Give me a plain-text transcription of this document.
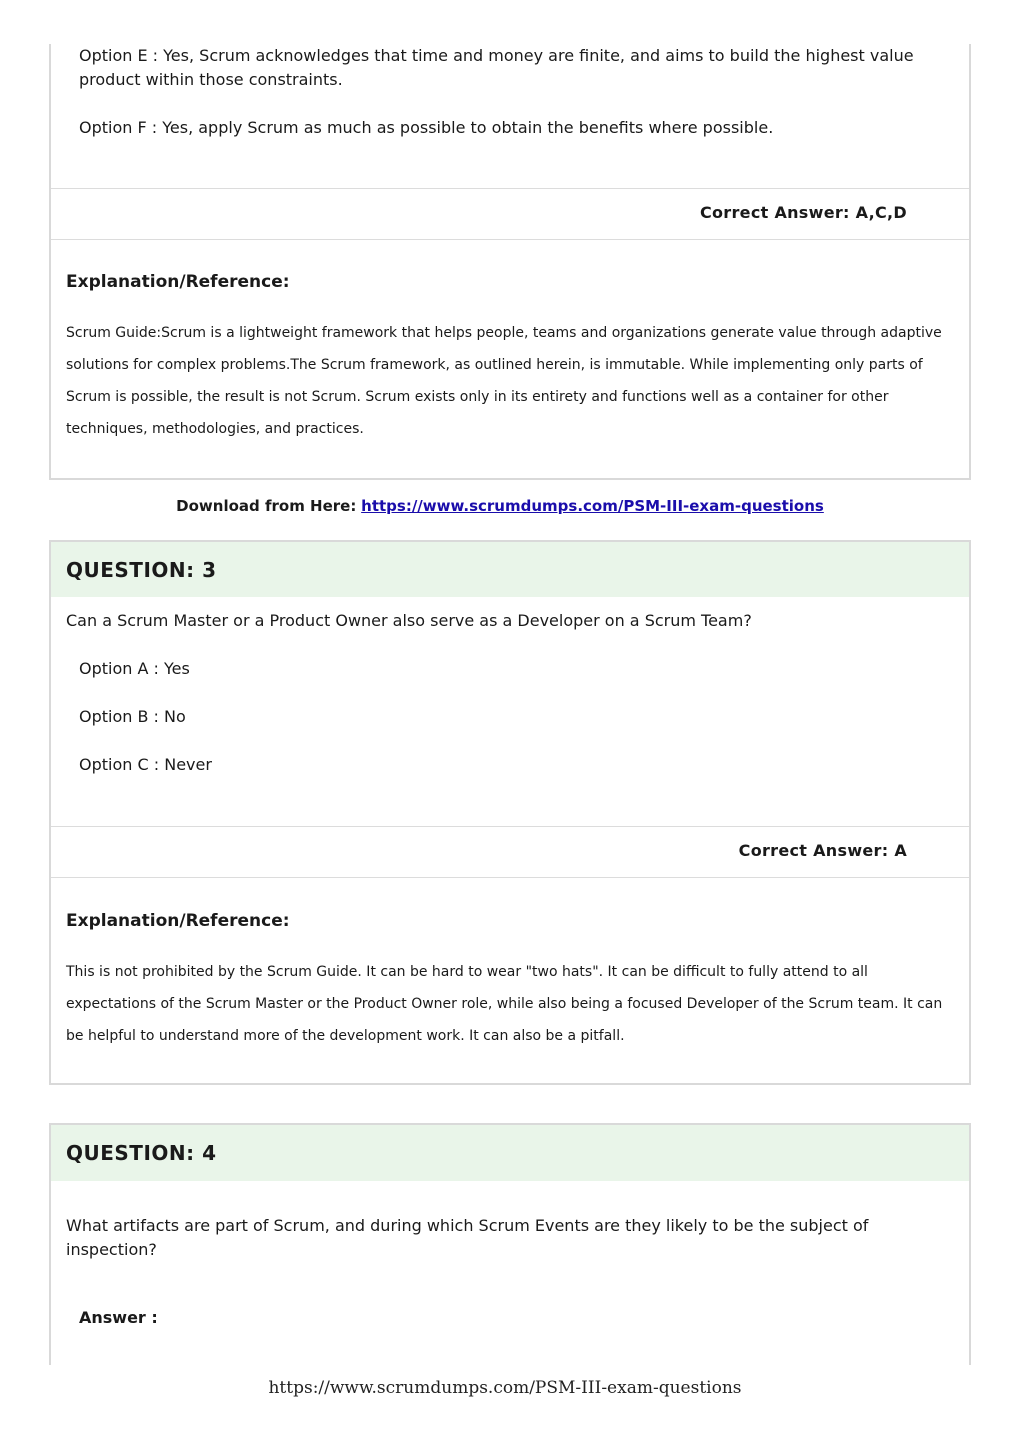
Option E : Yes, Scrum acknowledges that time and money are finite, and aims to build the highest value product within those constraints.
Option F : Yes, apply Scrum as much as possible to obtain the benefits where possible.
Correct Answer: A,C,D
Explanation/Reference:
Scrum Guide:Scrum is a lightweight framework that helps people, teams and organizations generate value through adaptive solutions for complex problems.The Scrum framework, as outlined herein, is immutable. While implementing only parts of Scrum is possible, the result is not Scrum. Scrum exists only in its entirety and functions well as a container for other techniques, methodologies, and practices.
Download from Here: https://www.scrumdumps.com/PSM-III-exam-questions
QUESTION: 3
Can a Scrum Master or a Product Owner also serve as a Developer on a Scrum Team?
Option A : Yes
Option B : No
Option C : Never
Correct Answer: A
Explanation/Reference:
This is not prohibited by the Scrum Guide. It can be hard to wear "two hats". It can be difficult to fully attend to all expectations of the Scrum Master or the Product Owner role, while also being a focused Developer of the Scrum team. It can be helpful to understand more of the development work. It can also be a pitfall.
QUESTION: 4
What artifacts are part of Scrum, and during which Scrum Events are they likely to be the subject of inspection?
Answer :
https://www.scrumdumps.com/PSM-III-exam-questions
